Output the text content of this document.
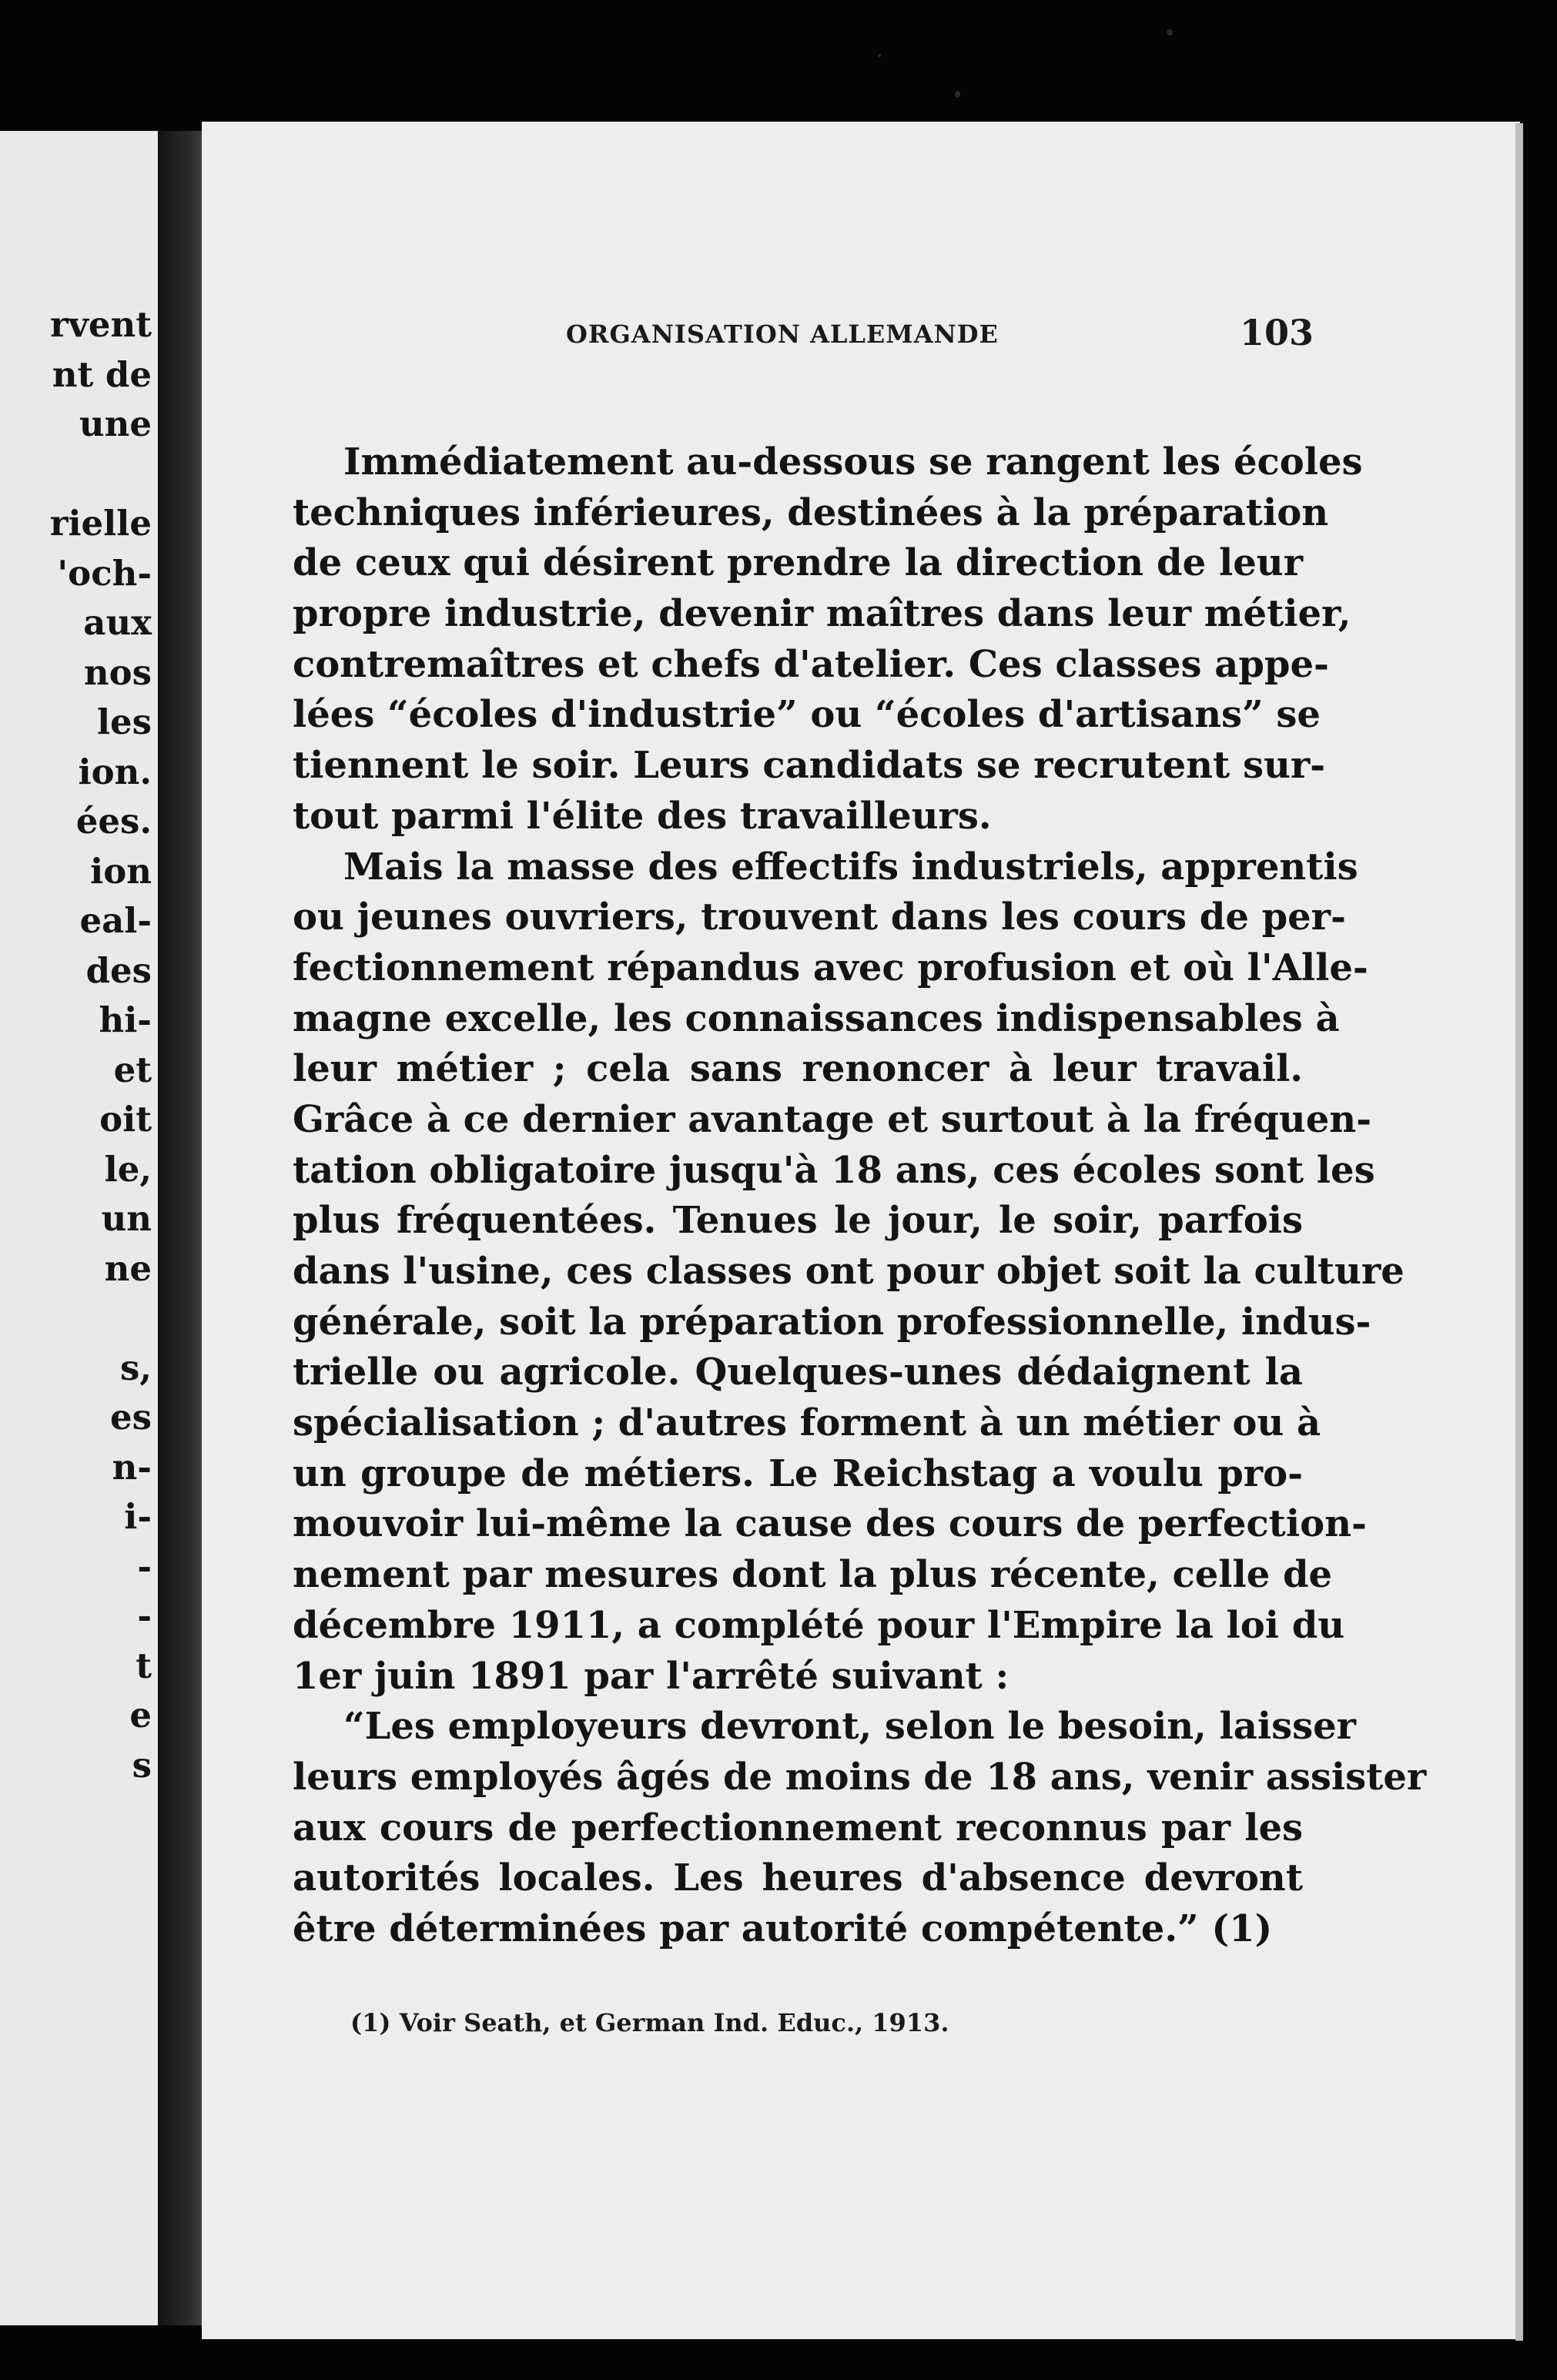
rvent
nt de
une
rielle
'och-
aux
nos
les
ion.
ées.
ion
eal-
des
hi-
et
oit
le,
un
ne
s,
es
n-
i-
-
-
t
e
s
ORGANISATION ALLEMANDE	103
Immédiatement au-dessous se rangent les écoles
techniques inférieures, destinées à la préparation
de ceux qui désirent prendre la direction de leur
propre industrie, devenir maîtres dans leur métier,
contremaîtres et chefs d'atelier. Ces classes appe-
lées “écoles d'industrie” ou “écoles d'artisans” se
tiennent le soir. Leurs candidats se recrutent sur-
tout parmi l'élite des travailleurs.
Mais la masse des effectifs industriels, apprentis
ou jeunes ouvriers, trouvent dans les cours de per-
fectionnement répandus avec profusion et où l'Alle-
magne excelle, les connaissances indispensables à
leur métier ; cela sans renoncer à leur travail.
Grâce à ce dernier avantage et surtout à la fréquen-
tation obligatoire jusqu'à 18 ans, ces écoles sont les
plus fréquentées. Tenues le jour, le soir, parfois
dans l'usine, ces classes ont pour objet soit la culture
générale, soit la préparation professionnelle, indus-
trielle ou agricole. Quelques-unes dédaignent la
spécialisation ; d'autres forment à un métier ou à
un groupe de métiers. Le Reichstag a voulu pro-
mouvoir lui-même la cause des cours de perfection-
nement par mesures dont la plus récente, celle de
décembre 1911, a complété pour l'Empire la loi du
1er juin 1891 par l'arrêté suivant :
“Les employeurs devront, selon le besoin, laisser
leurs employés âgés de moins de 18 ans, venir assister
aux cours de perfectionnement reconnus par les
autorités locales. Les heures d'absence devront
être déterminées par autorité compétente.” (1)
(1) Voir Seath, et German Ind. Educ., 1913.
